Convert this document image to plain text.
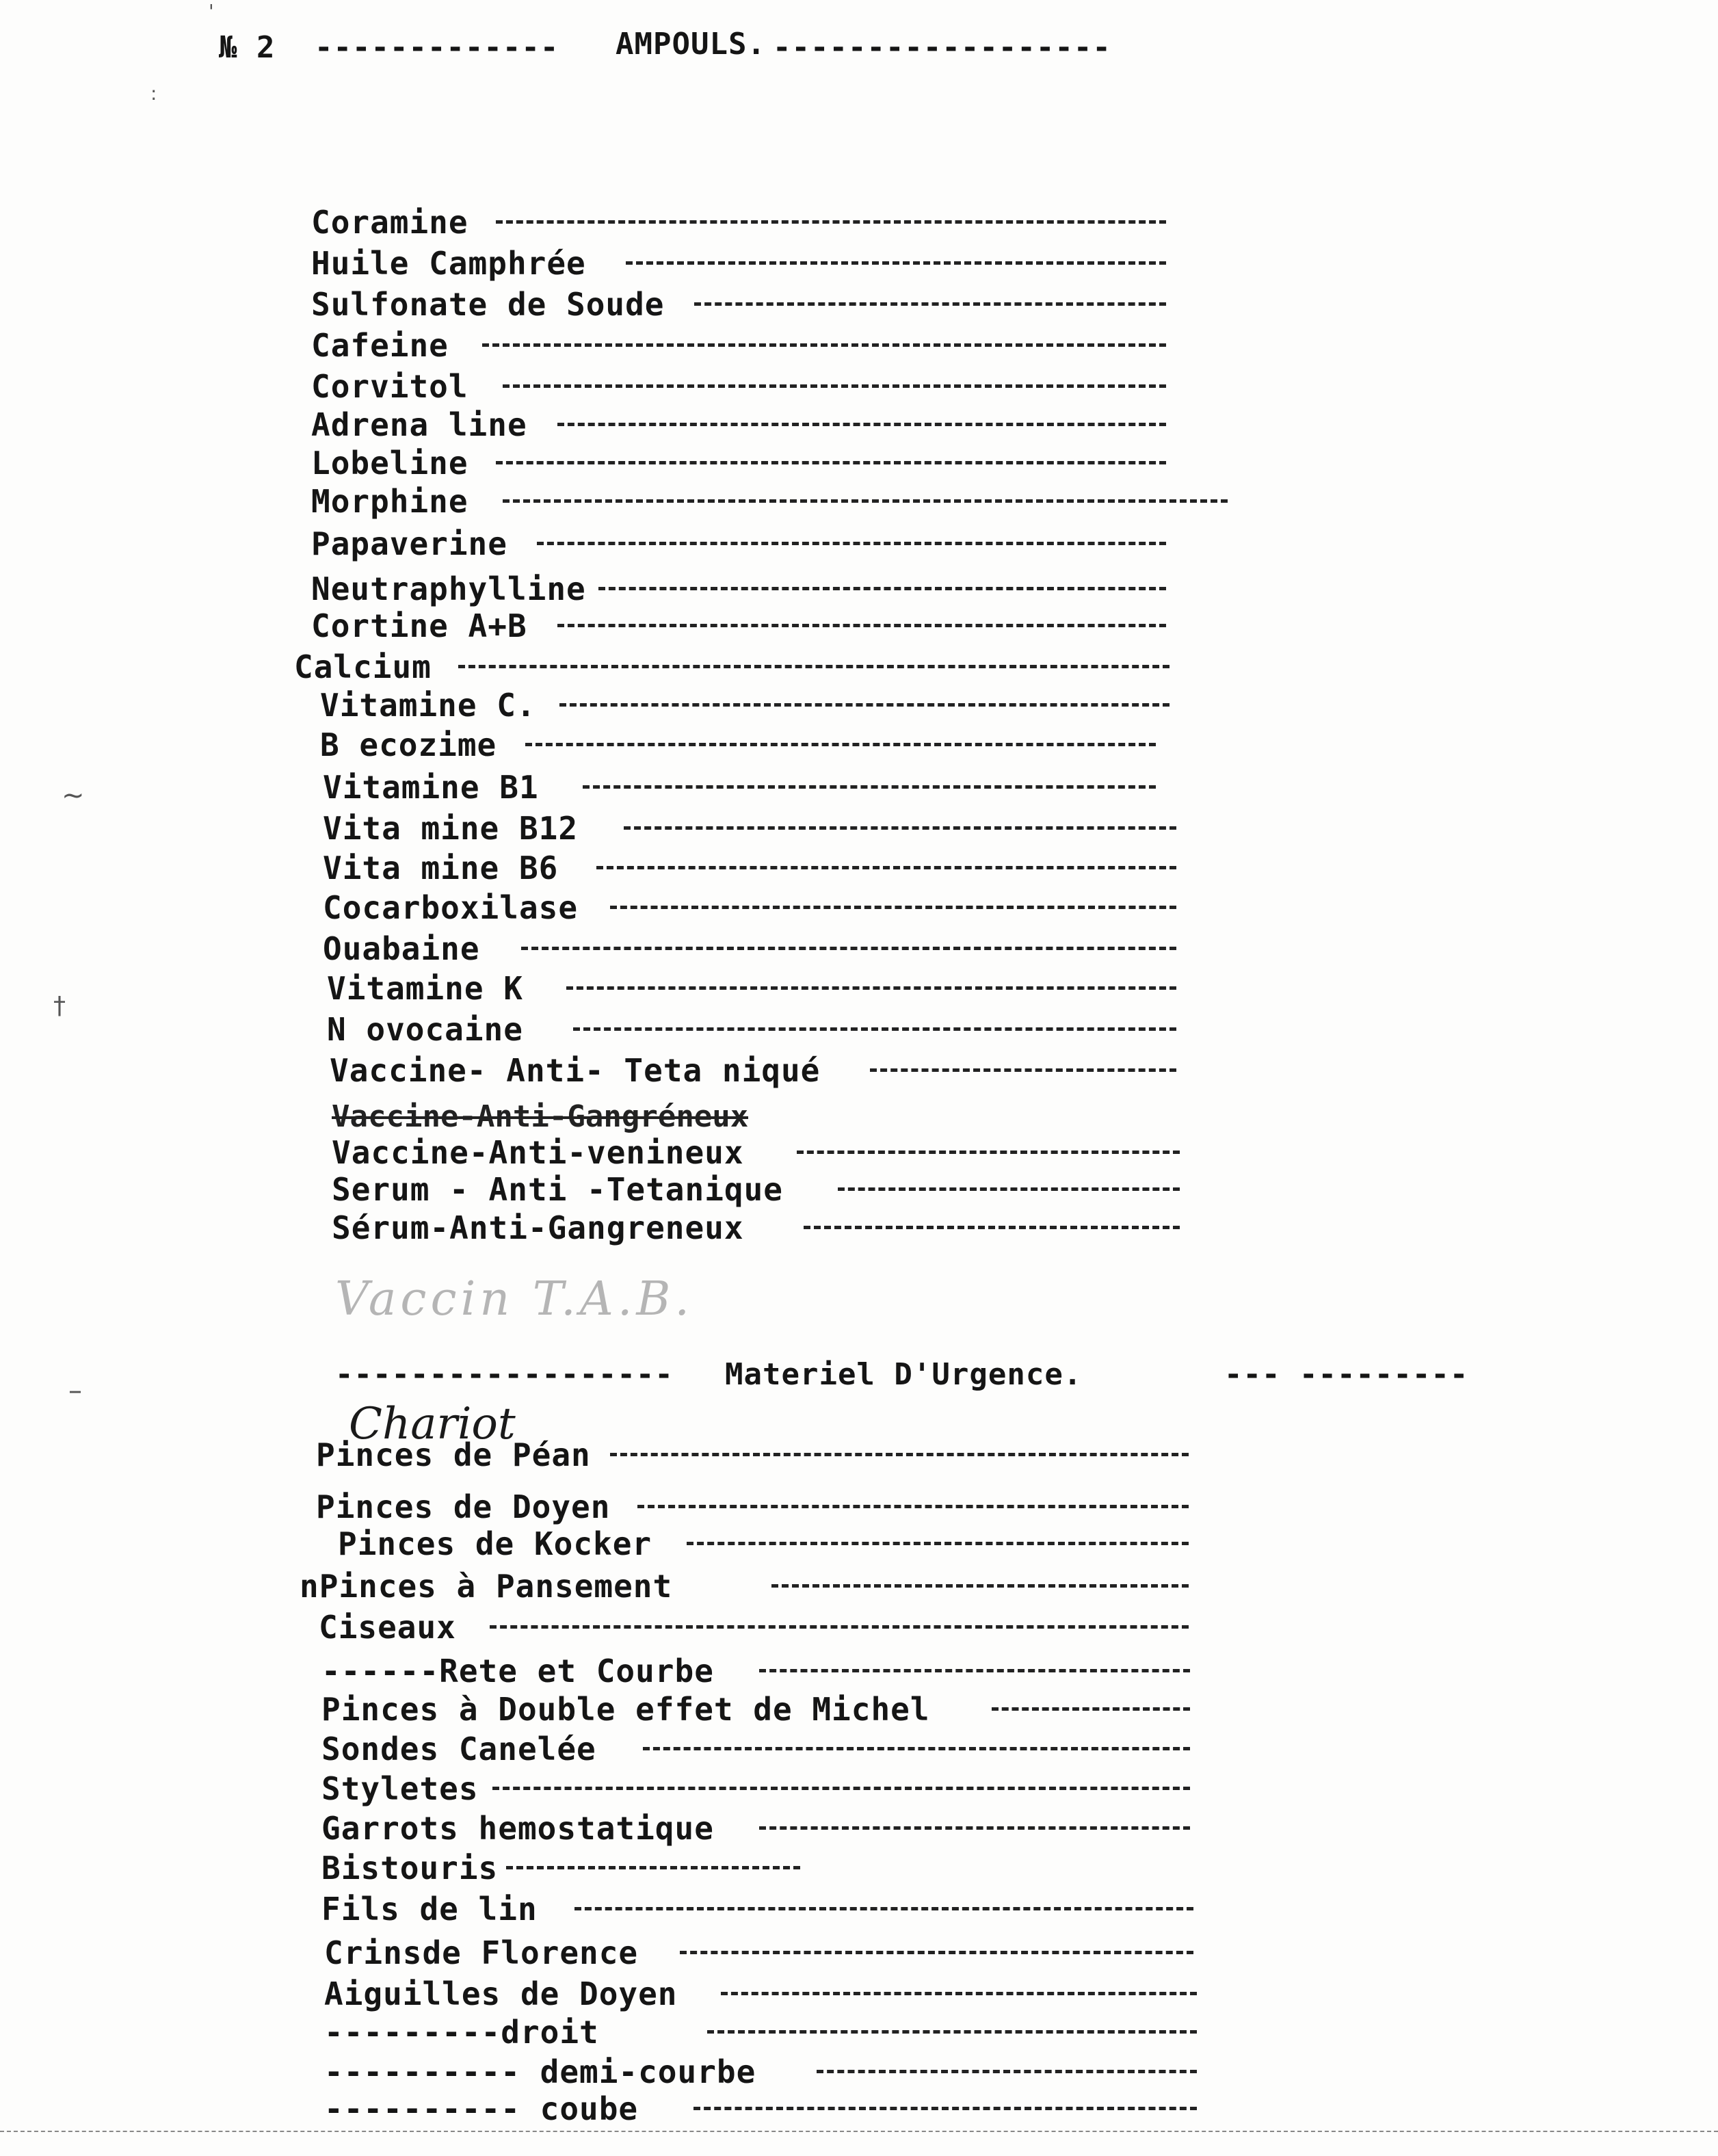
№ 2 ------------- AMPOULS. ------------------
Coramine
Huile Camphrée
Sulfonate de Soude
Cafeine
Corvitol
Adrena line
Lobeline
Morphine
Papaverine
Neutraphylline
Cortine A+B
Calcium
Vitamine C.
B ecozime
Vitamine B1
Vita mine B12
Vita mine B6
Cocarboxilase
Ouabaine
Vitamine K
N ovocaine
Vaccine- Anti- Teta niqué
Vaccine-Anti-Gangréneux
Vaccine-Anti-venineux
Serum - Anti -Tetanique
Sérum-Anti-Gangreneux
Vaccin T.A.B.
------------------ Materiel D'Urgence.	--- ---------
Chariot
Pinces de Péan
Pinces de Doyen
Pinces de Kocker
nPinces à Pansement
Ciseaux
------Rete et Courbe
Pinces à Double effet de Michel
Sondes Canelée
Styletes
Garrots hemostatique
Bistouris
Fils de lin
Crinsde Florence
Aiguilles de Doyen
---------droit
---------- demi-courbe
---------- coube
'
:
~
†
–
